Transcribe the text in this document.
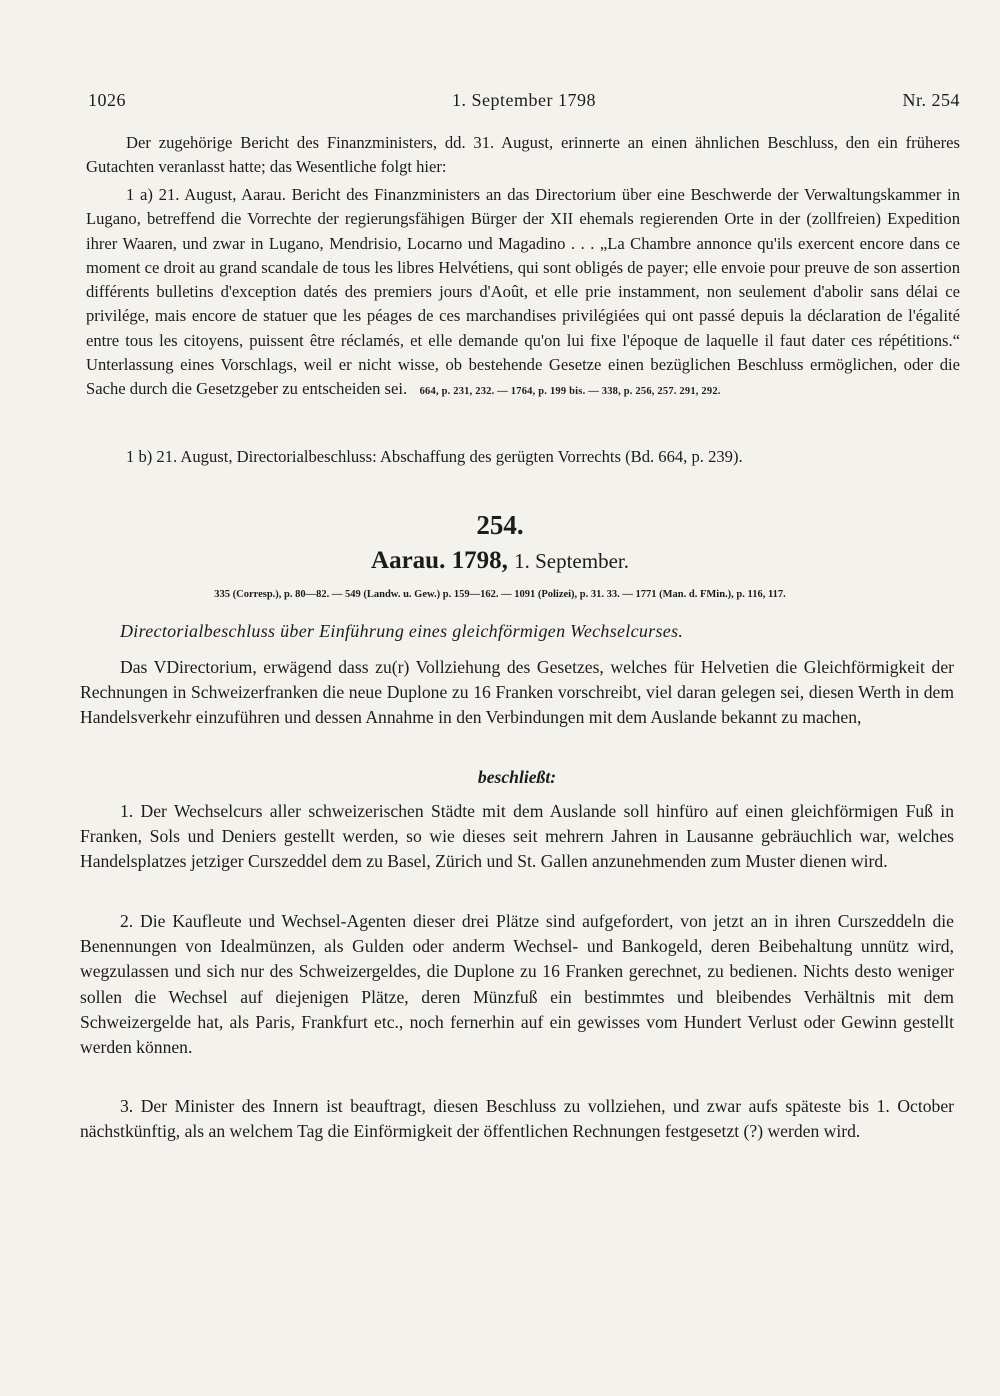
1026	1. September 1798	Nr. 254

Der zugehörige Bericht des Finanzministers, dd. 31. August, erinnerte an einen ähnlichen Beschluss, den ein früheres Gutachten veranlasst hatte; das Wesentliche folgt hier:

1 a) 21. August, Aarau. Bericht des Finanzministers an das Directorium über eine Beschwerde der Verwaltungskammer in Lugano, betreffend die Vorrechte der regierungsfähigen Bürger der XII ehemals regierenden Orte in der (zollfreien) Expedition ihrer Waaren, und zwar in Lugano, Mendrisio, Locarno und Magadino . . . „La Chambre annonce qu'ils exercent encore dans ce moment ce droit au grand scandale de tous les libres Helvétiens, qui sont obligés de payer; elle envoie pour preuve de son assertion différents bulletins d'exception datés des premiers jours d'Août, et elle prie instamment, non seulement d'abolir sans délai ce privilége, mais encore de statuer que les péages de ces marchandises privilégiées qui ont passé depuis la déclaration de l'égalité entre tous les citoyens, puissent être réclamés, et elle demande qu'on lui fixe l'époque de laquelle il faut dater ces répétitions.“ Unterlassung eines Vorschlags, weil er nicht wisse, ob bestehende Gesetze einen bezüglichen Beschluss ermöglichen, oder die Sache durch die Gesetzgeber zu entscheiden sei. 664, p. 231, 232. — 1764, p. 199 bis. — 338, p. 256, 257. 291, 292.

1 b) 21. August, Directorialbeschluss: Abschaffung des gerügten Vorrechts (Bd. 664, p. 239).

254.
Aarau. 1798, 1. September.
335 (Corresp.), p. 80—82. — 549 (Landw. u. Gew.) p. 159—162. — 1091 (Polizei), p. 31. 33. — 1771 (Man. d. FMin.), p. 116, 117.
Directorialbeschluss über Einführung eines gleichförmigen Wechselcurses.

Das VDirectorium, erwägend dass zu(r) Vollziehung des Gesetzes, welches für Helvetien die Gleichförmigkeit der Rechnungen in Schweizerfranken die neue Duplone zu 16 Franken vorschreibt, viel daran gelegen sei, diesen Werth in dem Handelsverkehr einzuführen und dessen Annahme in den Verbindungen mit dem Auslande bekannt zu machen,

beschließt:

1. Der Wechselcurs aller schweizerischen Städte mit dem Auslande soll hinfüro auf einen gleichförmigen Fuß in Franken, Sols und Deniers gestellt werden, so wie dieses seit mehrern Jahren in Lausanne gebräuchlich war, welches Handelsplatzes jetziger Curszeddel dem zu Basel, Zürich und St. Gallen anzunehmenden zum Muster dienen wird.

2. Die Kaufleute und Wechsel-Agenten dieser drei Plätze sind aufgefordert, von jetzt an in ihren Curszeddeln die Benennungen von Idealmünzen, als Gulden oder anderm Wechsel- und Bankogeld, deren Beibehaltung unnütz wird, wegzulassen und sich nur des Schweizergeldes, die Duplone zu 16 Franken gerechnet, zu bedienen. Nichts desto weniger sollen die Wechsel auf diejenigen Plätze, deren Münzfuß ein bestimmtes und bleibendes Verhältnis mit dem Schweizergelde hat, als Paris, Frankfurt etc., noch fernerhin auf ein gewisses vom Hundert Verlust oder Gewinn gestellt werden können.

3. Der Minister des Innern ist beauftragt, diesen Beschluss zu vollziehen, und zwar aufs späteste bis 1. October nächstkünftig, als an welchem Tag die Einförmigkeit der öffentlichen Rechnungen festgesetzt (?) werden wird.
